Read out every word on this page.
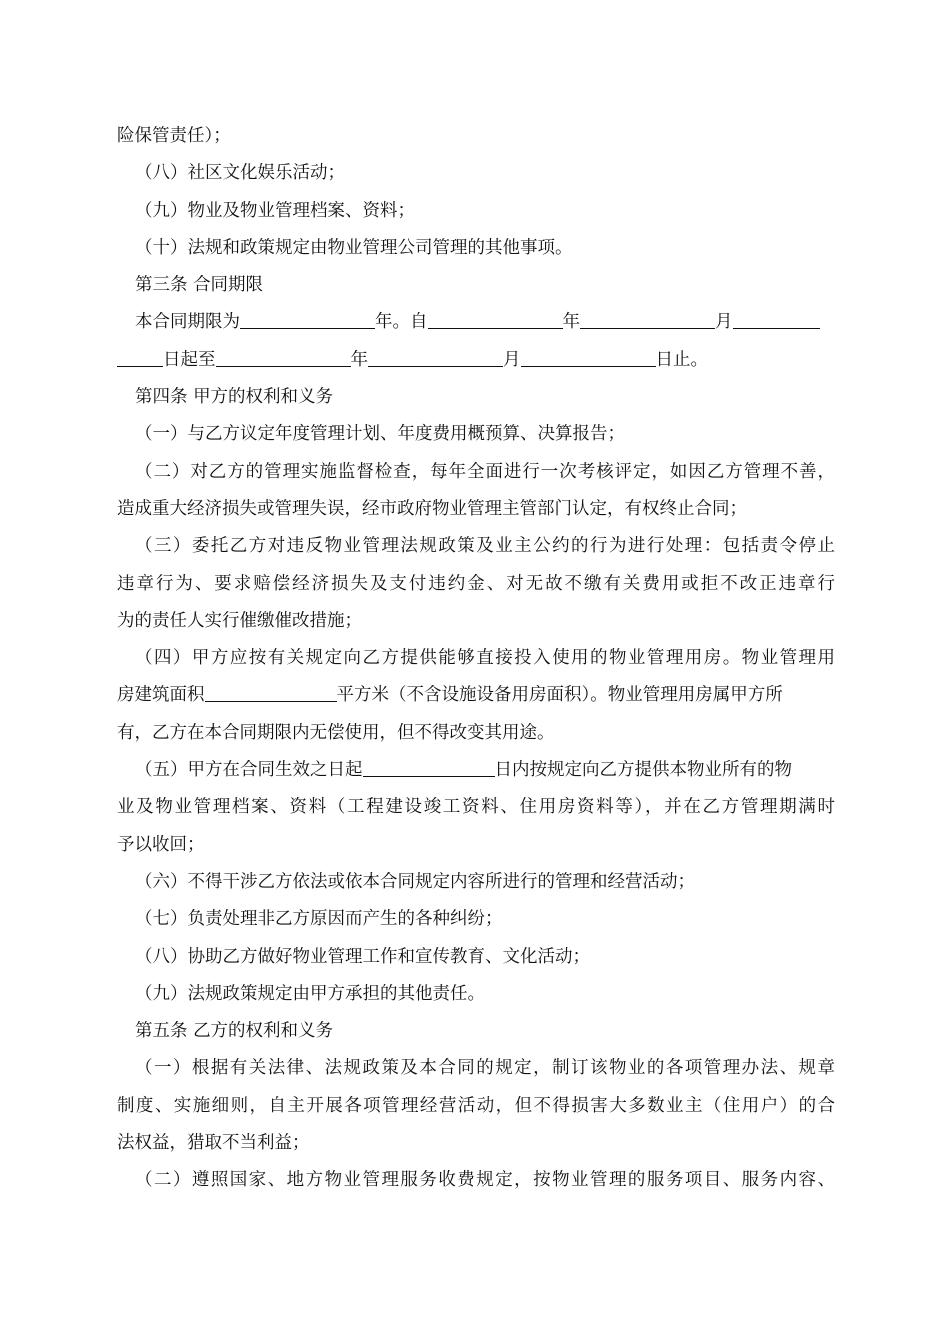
险保管责任）；
（八）社区文化娱乐活动；
（九）物业及物业管理档案、资料；
（十）法规和政策规定由物业管理公司管理的其他事项。
第三条 合同期限
本合同期限为	年。自	年	月
日起至	年	月	日止。
第四条 甲方的权利和义务
（一）与乙方议定年度管理计划、年度费用概预算、决算报告；
（二）对乙方的管理实施监督检查，每年全面进行一次考核评定，如因乙方管理不善，
造成重大经济损失或管理失误，经市政府物业管理主管部门认定，有权终止合同；
（三）委托乙方对违反物业管理法规政策及业主公约的行为进行处理：包括责令停止
违章行为、要求赔偿经济损失及支付违约金、对无故不缴有关费用或拒不改正违章行
为的责任人实行催缴催改措施；
（四）甲方应按有关规定向乙方提供能够直接投入使用的物业管理用房。物业管理用
房建筑面积	平方米（不含设施设备用房面积）。物业管理用房属甲方所
有，乙方在本合同期限内无偿使用，但不得改变其用途。
（五）甲方在合同生效之日起	日内按规定向乙方提供本物业所有的物
业及物业管理档案、资料（工程建设竣工资料、住用房资料等），并在乙方管理期满时
予以收回；
（六）不得干涉乙方依法或依本合同规定内容所进行的管理和经营活动；
（七）负责处理非乙方原因而产生的各种纠纷；
（八）协助乙方做好物业管理工作和宣传教育、文化活动；
（九）法规政策规定由甲方承担的其他责任。
第五条 乙方的权利和义务
（一）根据有关法律、法规政策及本合同的规定，制订该物业的各项管理办法、规章
制度、实施细则，自主开展各项管理经营活动，但不得损害大多数业主（住用户）的合
法权益，猎取不当利益；
（二）遵照国家、地方物业管理服务收费规定，按物业管理的服务项目、服务内容、
